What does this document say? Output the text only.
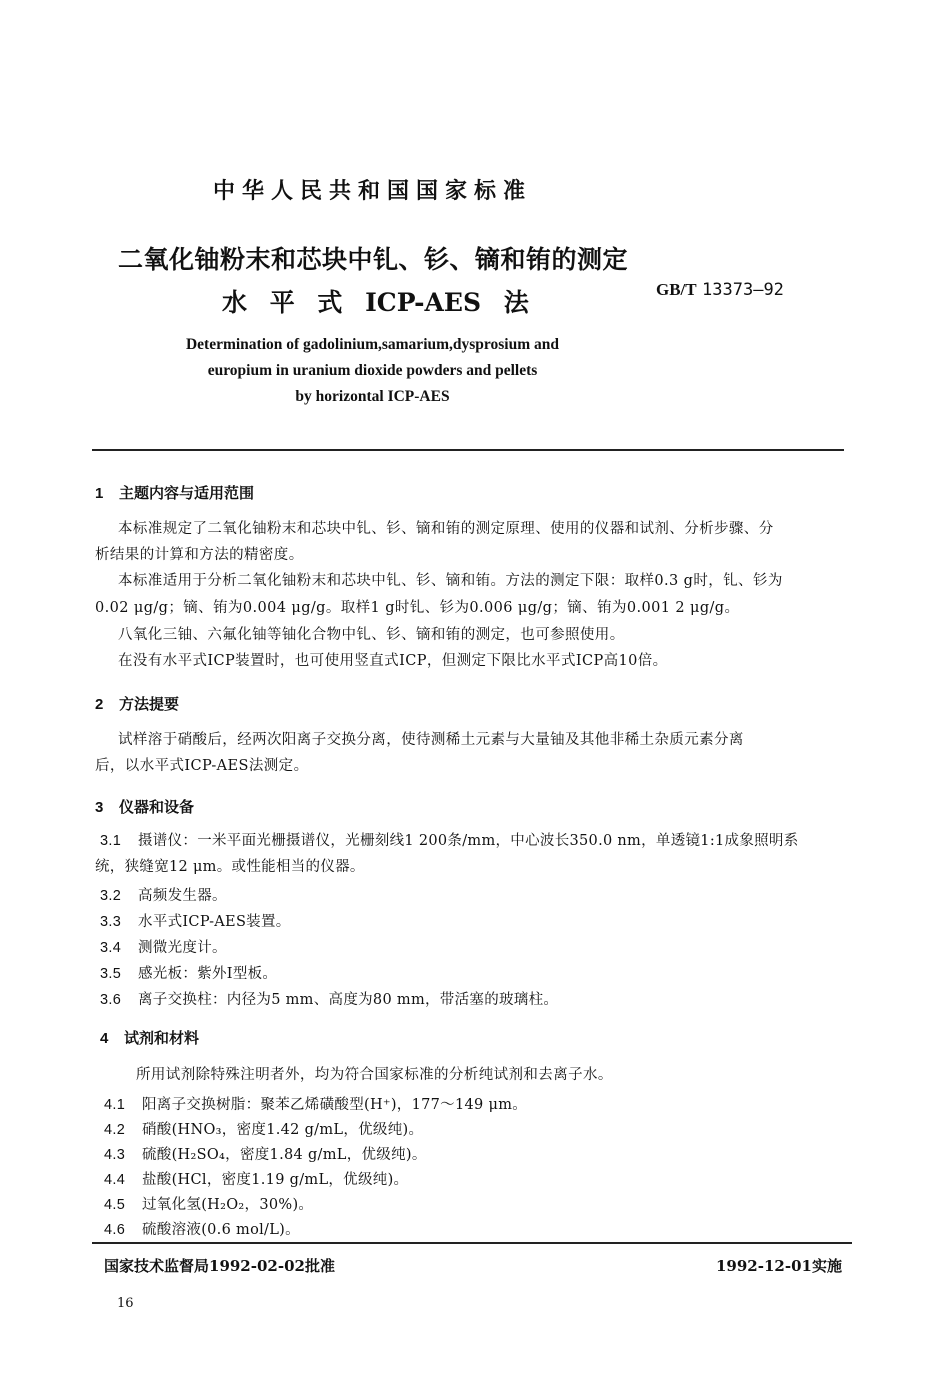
中华人民共和国国家标准
二氧化铀粉末和芯块中钆、钐、镝和铕的测定
水 平 式 ICP-AES 法	GB/T 13373—92
Determination of gadolinium,samarium,dysprosium and
europium in uranium dioxide powders and pellets
by horizontal ICP-AES
1 主题内容与适用范围
本标准规定了二氧化铀粉末和芯块中钆、钐、镝和铕的测定原理、使用的仪器和试剂、分析步骤、分
析结果的计算和方法的精密度。
本标准适用于分析二氧化铀粉末和芯块中钆、钐、镝和铕。方法的测定下限：取样0.3 g时，钆、钐为
0.02 μg/g；镝、铕为0.004 μg/g。取样1 g时钆、钐为0.006 μg/g；镝、铕为0.001 2 μg/g。
八氧化三铀、六氟化铀等铀化合物中钆、钐、镝和铕的测定，也可参照使用。
在没有水平式ICP装置时，也可使用竖直式ICP，但测定下限比水平式ICP高10倍。
2 方法提要
试样溶于硝酸后，经两次阳离子交换分离，使待测稀土元素与大量铀及其他非稀土杂质元素分离
后，以水平式ICP-AES法测定。
3 仪器和设备
3.1 摄谱仪：一米平面光栅摄谱仪，光栅刻线1 200条/mm，中心波长350.0 nm，单透镜1:1成象照明系
统，狭缝宽12 μm。或性能相当的仪器。
3.2 高频发生器。
3.3 水平式ICP-AES装置。
3.4 测微光度计。
3.5 感光板：紫外Ⅰ型板。
3.6 离子交换柱：内径为5 mm、高度为80 mm，带活塞的玻璃柱。
4 试剂和材料
所用试剂除特殊注明者外，均为符合国家标准的分析纯试剂和去离子水。
4.1 阳离子交换树脂：聚苯乙烯磺酸型(H⁺)，177～149 μm。
4.2 硝酸(HNO₃，密度1.42 g/mL，优级纯)。
4.3 硫酸(H₂SO₄，密度1.84 g/mL，优级纯)。
4.4 盐酸(HCl，密度1.19 g/mL，优级纯)。
4.5 过氧化氢(H₂O₂，30%)。
4.6 硫酸溶液(0.6 mol/L)。
国家技术监督局1992-02-02批准	1992-12-01实施
16
